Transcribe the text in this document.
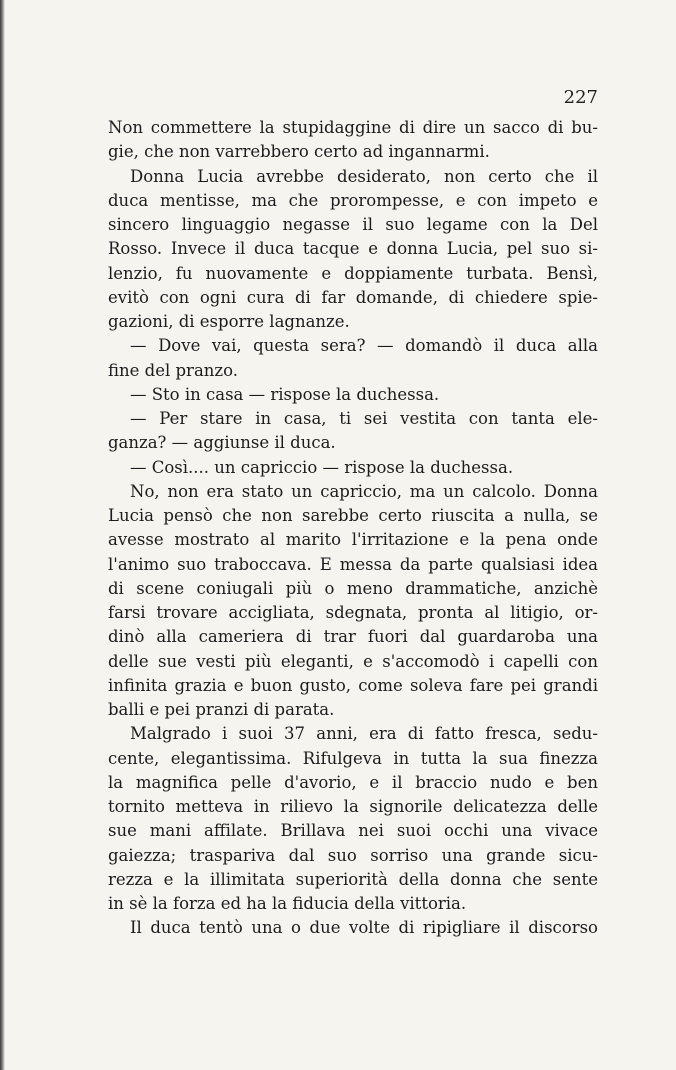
227
Non commettere la stupidaggine di dire un sacco di bu-
gie, che non varrebbero certo ad ingannarmi.
Donna Lucia avrebbe desiderato, non certo che il
duca mentisse, ma che prorompesse, e con impeto e
sincero linguaggio negasse il suo legame con la Del
Rosso. Invece il duca tacque e donna Lucia, pel suo si-
lenzio, fu nuovamente e doppiamente turbata. Bensì,
evitò con ogni cura di far domande, di chiedere spie-
gazioni, di esporre lagnanze.
— Dove vai, questa sera? — domandò il duca alla
fine del pranzo.
— Sto in casa — rispose la duchessa.
— Per stare in casa, ti sei vestita con tanta ele-
ganza? — aggiunse il duca.
— Così.... un capriccio — rispose la duchessa.
No, non era stato un capriccio, ma un calcolo. Donna
Lucia pensò che non sarebbe certo riuscita a nulla, se
avesse mostrato al marito l'irritazione e la pena onde
l'animo suo traboccava. E messa da parte qualsiasi idea
di scene coniugali più o meno drammatiche, anzichè
farsi trovare accigliata, sdegnata, pronta al litigio, or-
dinò alla cameriera di trar fuori dal guardaroba una
delle sue vesti più eleganti, e s'accomodò i capelli con
infinita grazia e buon gusto, come soleva fare pei grandi
balli e pei pranzi di parata.
Malgrado i suoi 37 anni, era di fatto fresca, sedu-
cente, elegantissima. Rifulgeva in tutta la sua finezza
la magnifica pelle d'avorio, e il braccio nudo e ben
tornito metteva in rilievo la signorile delicatezza delle
sue mani affilate. Brillava nei suoi occhi una vivace
gaiezza; traspariva dal suo sorriso una grande sicu-
rezza e la illimitata superiorità della donna che sente
in sè la forza ed ha la fiducia della vittoria.
Il duca tentò una o due volte di ripigliare il discorso
